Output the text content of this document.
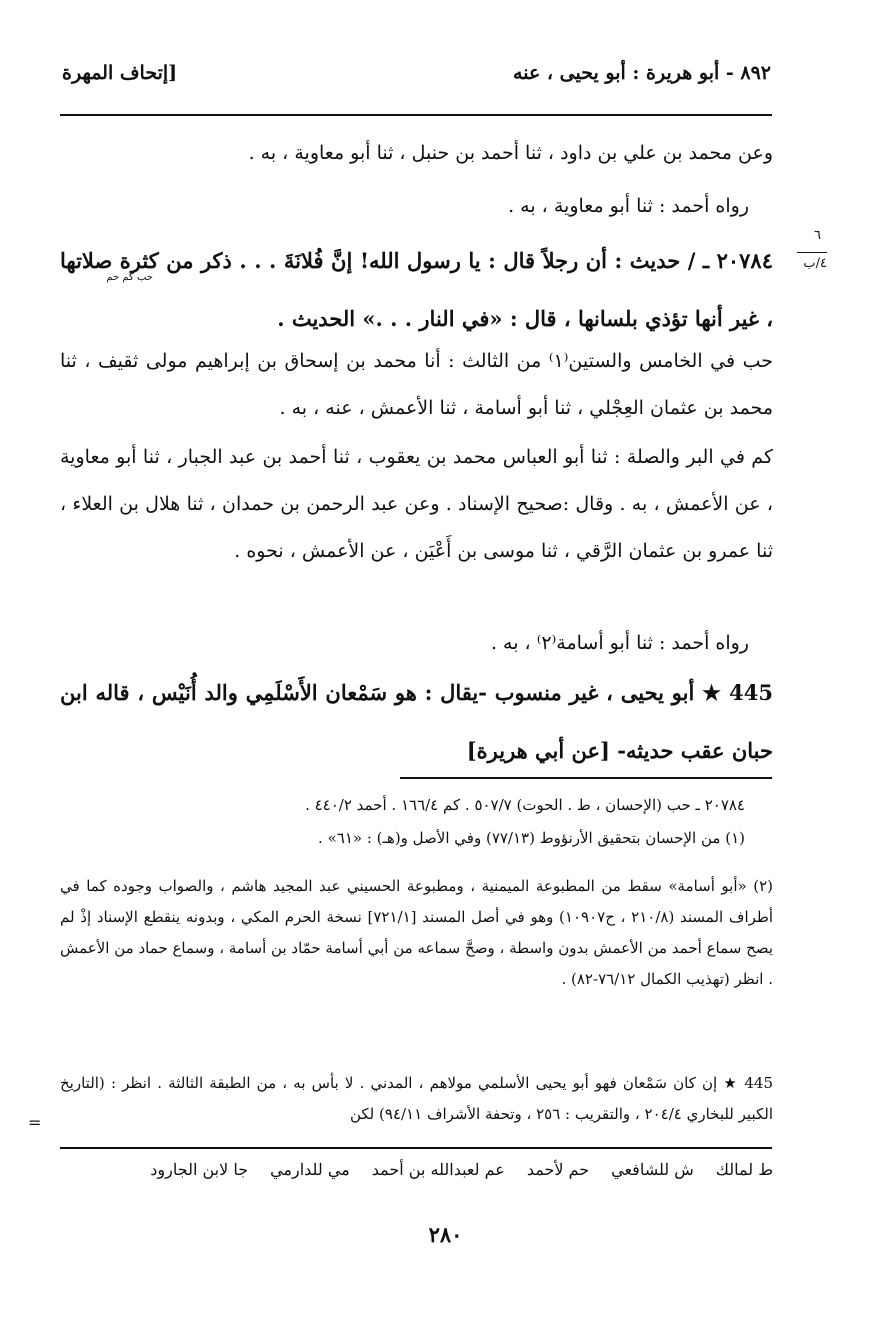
٨٩٢ - أبو هريرة : أبو يحيى ، عنه
[إتحاف المهرة
وعن محمد بن علي بن داود ، ثنا أحمد بن حنبل ، ثنا أبو معاوية ، به .
رواه أحمد : ثنا أبو معاوية ، به .
٦
٤/ب
٢٠٧٨٤ ـ / حديث : أن رجلاً قال : يا رسول الله! إنَّ فُلانَةَ . . . ذكر من كثرة صلاتها ، غير أنها تؤذي بلسانها ، قال : «في النار . . .» الحديث .
حب كم حم
حب في الخامس والستين⁽١⁾ من الثالث : أنا محمد بن إسحاق بن إبراهيم مولى ثقيف ، ثنا محمد بن عثمان العِجْلي ، ثنا أبو أسامة ، ثنا الأعمش ، عنه ، به .
كم في البر والصلة : ثنا أبو العباس محمد بن يعقوب ، ثنا أحمد بن عبد الجبار ، ثنا أبو معاوية ، عن الأعمش ، به . وقال :صحيح الإسناد . وعن عبد الرحمن بن حمدان ، ثنا هلال بن العلاء ، ثنا عمرو بن عثمان الرَّقي ، ثنا موسى بن أَعْيَن ، عن الأعمش ، نحوه .
رواه أحمد : ثنا أبو أسامة⁽٢⁾ ، به .
445 ★ أبو يحيى ، غير منسوب -يقال : هو سَمْعان الأَسْلَمِي والد أُنَيْس ، قاله ابن حبان عقب حديثه- [عن أبي هريرة]
٢٠٧٨٤ ـ حب (الإحسان ، ط . الحوت) ٥٠٧/٧ . كم ١٦٦/٤ . أحمد ٤٤٠/٢ .
(١) من الإحسان بتحقيق الأرنؤوط (٧٧/١٣) وفي الأصل و(هـ) : «٦١» .
(٢) «أبو أسامة» سقط من المطبوعة الميمنية ، ومطبوعة الحسيني عبد المجيد هاشم ، والصواب وجوده كما في أطراف المسند (٢١٠/٨ ، ح١٠٩٠٧) وهو في أصل المسند [٧٢١/١] نسخة الحرم المكي ، وبدونه ينقطع الإسناد إذْ لم يصح سماع أحمد من الأعمش بدون واسطة ، وصحَّ سماعه من أبي أسامة حمّاد بن أسامة ، وسماع حماد من الأعمش . انظر (تهذيب الكمال ٧٦/١٢-٨٢) .
445 ★ إن كان سَمْعان فهو أبو يحيى الأسلمي مولاهم ، المدني . لا بأس به ، من الطبقة الثالثة . انظر : (التاريخ الكبير للبخاري ٢٠٤/٤ ، والتقريب : ٢٥٦ ، وتحفة الأشراف ٩٤/١١) لكن
=
ط لمالك
ش للشافعي
حم لأحمد
عم لعبدالله بن أحمد
مي للدارمي
جا لابن الجارود
٢٨٠
